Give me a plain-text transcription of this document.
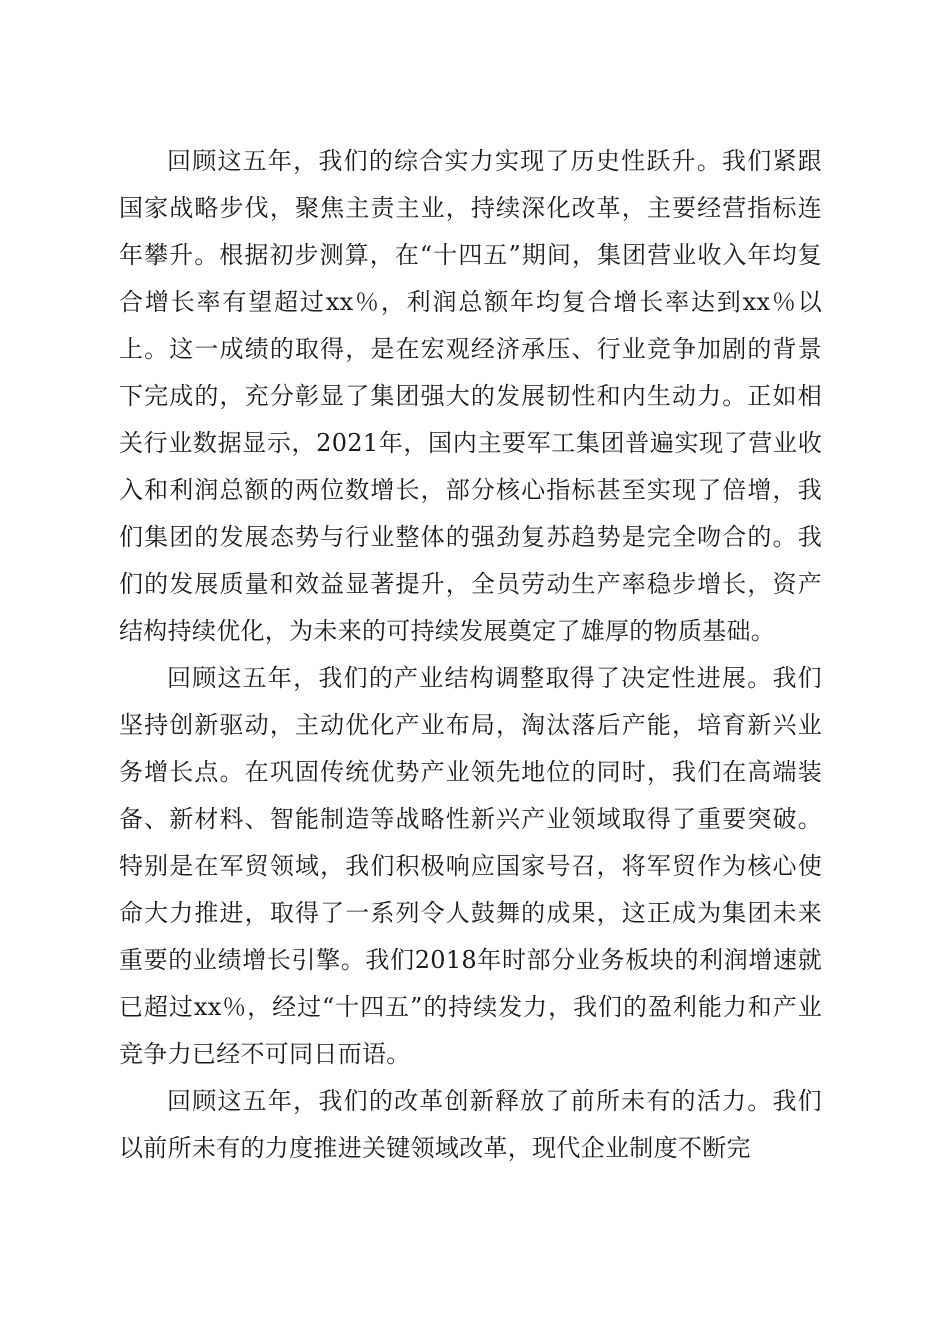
回顾这五年，我们的综合实力实现了历史性跃升。我们紧跟国家战略步伐，聚焦主责主业，持续深化改革，主要经营指标连年攀升。根据初步测算，在“十四五”期间，集团营业收入年均复合增长率有望超过xx％，利润总额年均复合增长率达到xx％以上。这一成绩的取得，是在宏观经济承压、行业竞争加剧的背景下完成的，充分彰显了集团强大的发展韧性和内生动力。正如相关行业数据显示，2021年，国内主要军工集团普遍实现了营业收入和利润总额的两位数增长，部分核心指标甚至实现了倍增，我们集团的发展态势与行业整体的强劲复苏趋势是完全吻合的。我们的发展质量和效益显著提升，全员劳动生产率稳步增长，资产结构持续优化，为未来的可持续发展奠定了雄厚的物质基础。

回顾这五年，我们的产业结构调整取得了决定性进展。我们坚持创新驱动，主动优化产业布局，淘汰落后产能，培育新兴业务增长点。在巩固传统优势产业领先地位的同时，我们在高端装备、新材料、智能制造等战略性新兴产业领域取得了重要突破。特别是在军贸领域，我们积极响应国家号召，将军贸作为核心使命大力推进，取得了一系列令人鼓舞的成果，这正成为集团未来重要的业绩增长引擎。我们2018年时部分业务板块的利润增速就已超过xx％，经过“十四五”的持续发力，我们的盈利能力和产业竞争力已经不可同日而语。

回顾这五年，我们的改革创新释放了前所未有的活力。我们以前所未有的力度推进关键领域改革，现代企业制度不断完
